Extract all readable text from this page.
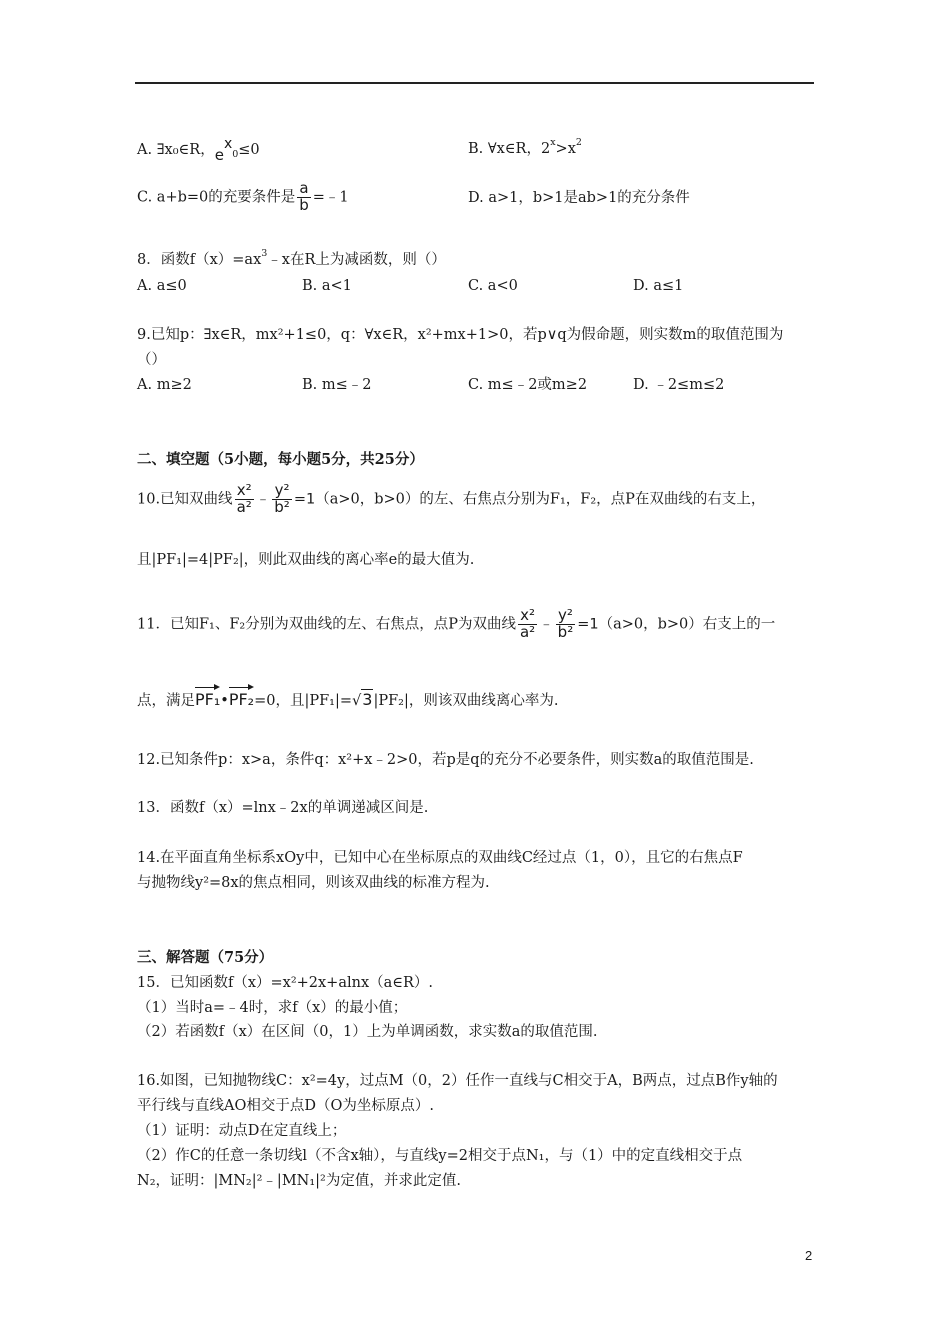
A. ∃x₀∈R，$ex_0\le 0$	B. ∀x∈R，$2^x>x^2$
C. a+b=0的充要条件是 $\frac{a}{b}$ =﹣1	D. a>1，b>1是ab>1的充分条件
8．函数$f(x)=ax^3﹣x$在R上为减函数，则（）
A. a≤0	B. a<1	C. a<0	D. a≤1
9.已知p：∃x∈R，mx²+1≤0，q：∀x∈R，x²+mx+1>0，若p∨q为假命题，则实数m的取值范围为
（）
A. m≥2	B. m≤﹣2	C. m≤﹣2或m≥2	D. ﹣2≤m≤2
二、填空题（5小题，每小题5分，共25分）
10.已知双曲线 $\frac{\text{x²}}{\text{a²}}$ ﹣ $\frac{\text{y²}}{\text{b²}} =1(a>0$，b>0）的左、右焦点分别为F₁，F₂，点P在双曲线的右支上，
且|PF₁|=4|PF₂|，则此双曲线的离心率e的最大值为.
11．已知F₁、F₂分别为双曲线的左、右焦点，点P为双曲线 $\frac{\text{x²}}{\text{a²}}$ ﹣ $\frac{\text{y²}}{\text{b²}} =1(a>0$，b>0）右支上的一
点，满足PF₁•PF₂=0，且|PF₁|=√3|PF₂|，则该双曲线离心率为.
12.已知条件p：x>a，条件q：x²+x﹣2>0，若p是q的充分不必要条件，则实数a的取值范围是.
13．函数f（x）=lnx﹣2x的单调递减区间是.
14.在平面直角坐标系xOy中，已知中心在坐标原点的双曲线C经过点（1，0），且它的右焦点F
与抛物线y²=8x的焦点相同，则该双曲线的标准方程为.
三、解答题（75分）
15．已知函数f（x）=x²+2x+alnx（a∈R）.
（1）当时a=﹣4时，求f（x）的最小值；
（2）若函数f（x）在区间（0，1）上为单调函数，求实数a的取值范围.
16.如图，已知抛物线C：x²=4y，过点M（0，2）任作一直线与C相交于A，B两点，过点B作y轴的
平行线与直线AO相交于点D（O为坐标原点）.
（1）证明：动点D在定直线上；
（2）作C的任意一条切线l（不含x轴），与直线y=2相交于点N₁，与（1）中的定直线相交于点
N₂，证明：|MN₂|²﹣|MN₁|²为定值，并求此定值.
2
